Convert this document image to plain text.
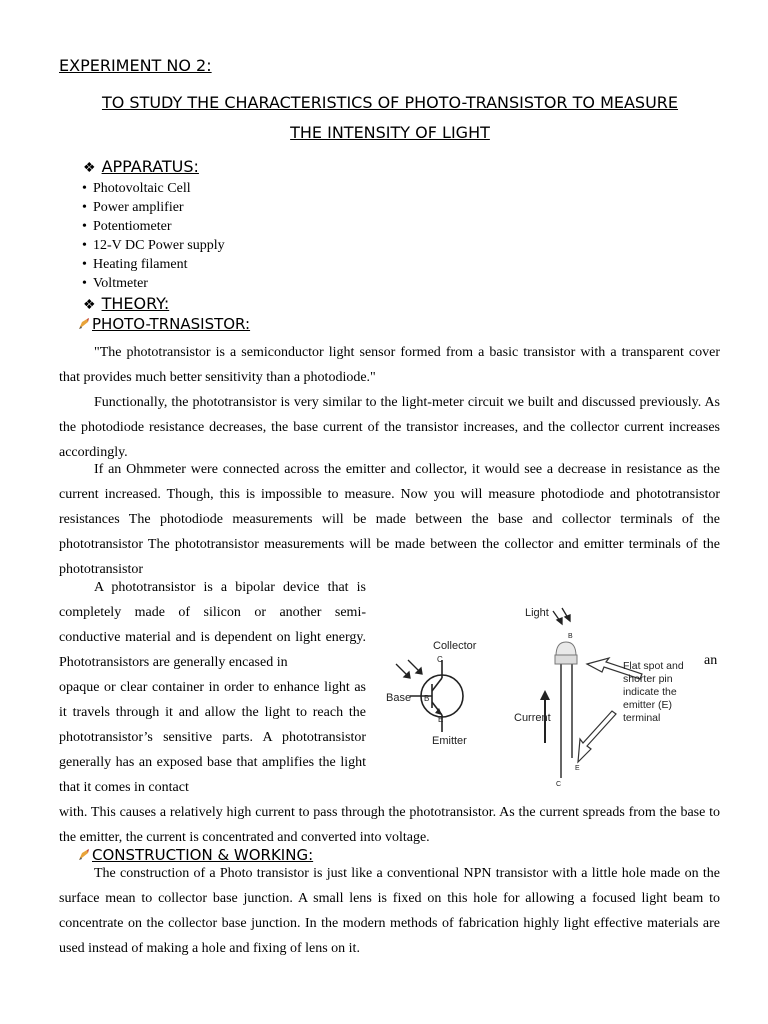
EXPERIMENT NO 2:
TO STUDY THE CHARACTERISTICS OF PHOTO-TRANSISTOR TO MEASURE
THE INTENSITY OF LIGHT
❖ APPARATUS:
• Photovoltaic Cell
• Power amplifier
• Potentiometer
• 12-V DC Power supply
• Heating filament
• Voltmeter
❖ THEORY:
PHOTO-TRNASISTOR:
"The phototransistor is a semiconductor light sensor formed from a basic transistor with a transparent cover that provides much better sensitivity than a photodiode."
Functionally, the phototransistor is very similar to the light-meter circuit we built and discussed previously. As the photodiode resistance decreases, the base current of the transistor increases, and the collector current increases accordingly.
If an Ohmmeter were connected across the emitter and collector, it would see a decrease in resistance as the current increased. Though, this is impossible to measure. Now you will measure photodiode and phototransistor resistances The photodiode measurements will be made between the base and collector terminals of the phototransistor The phototransistor measurements will be made between the collector and emitter terminals of the phototransistor
A phototransistor is a bipolar device that is completely made of silicon or another semi-conductive material and is dependent on light energy. Phototransistors are generally encased in	an
opaque or clear container in order to enhance light as it travels through it and allow the light to reach the phototransistor’s sensitive parts. A phototransistor generally has an exposed base that amplifies the light that it comes in contact
with. This causes a relatively high current to pass through the phototransistor. As the current spreads from the base to the emitter, the current is concentrated and converted into voltage.
Collector
C
Base B
E
Emitter
Light
B
C
E
Current
Flat spot and
shorter pin
indicate the
emitter (E)
terminal
CONSTRUCTION & WORKING:
The construction of a Photo transistor is just like a conventional NPN transistor with a little hole made on the surface mean to collector base junction. A small lens is fixed on this hole for allowing a focused light beam to concentrate on the collector base junction. In the modern methods of fabrication highly light effective materials are used instead of making a hole and fixing of lens on it.
